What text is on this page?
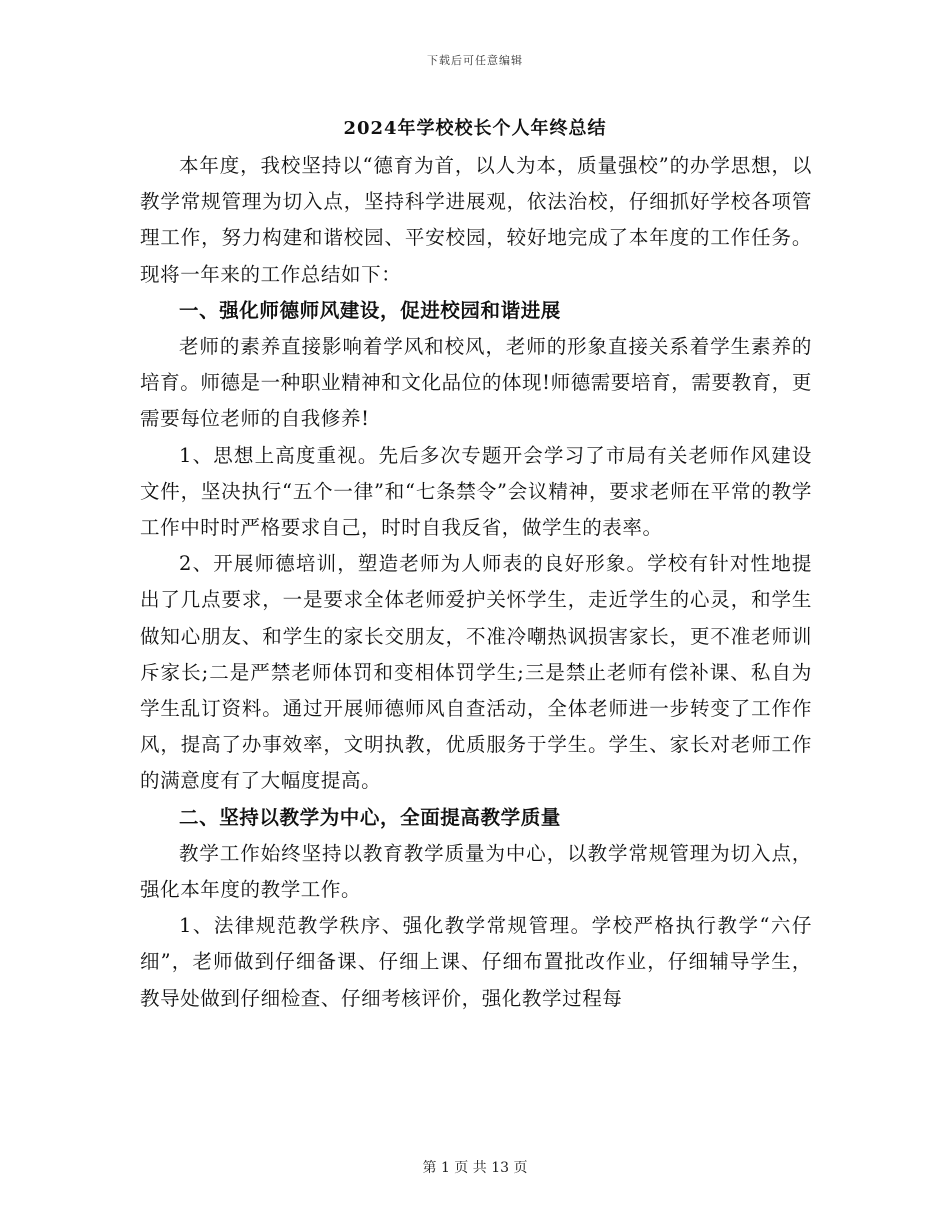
下载后可任意编辑
2024年学校校长个人年终总结

本年度，我校坚持以“德育为首，以人为本，质量强校”的办学思想，以教学常规管理为切入点，坚持科学进展观，依法治校，仔细抓好学校各项管理工作，努力构建和谐校园、平安校园，较好地完成了本年度的工作任务。现将一年来的工作总结如下：

一、强化师德师风建设，促进校园和谐进展

老师的素养直接影响着学风和校风，老师的形象直接关系着学生素养的培育。师德是一种职业精神和文化品位的体现!师德需要培育，需要教育，更需要每位老师的自我修养!

1、思想上高度重视。先后多次专题开会学习了市局有关老师作风建设文件，坚决执行“五个一律”和“七条禁令”会议精神，要求老师在平常的教学工作中时时严格要求自己，时时自我反省，做学生的表率。

2、开展师德培训，塑造老师为人师表的良好形象。学校有针对性地提出了几点要求，一是要求全体老师爱护关怀学生，走近学生的心灵，和学生做知心朋友、和学生的家长交朋友，不准冷嘲热讽损害家长，更不准老师训斥家长;二是严禁老师体罚和变相体罚学生;三是禁止老师有偿补课、私自为学生乱订资料。通过开展师德师风自查活动，全体老师进一步转变了工作作风，提高了办事效率，文明执教，优质服务于学生。学生、家长对老师工作的满意度有了大幅度提高。

二、坚持以教学为中心，全面提高教学质量

教学工作始终坚持以教育教学质量为中心，以教学常规管理为切入点，强化本年度的教学工作。

1、法律规范教学秩序、强化教学常规管理。学校严格执行教学“六仔细”，老师做到仔细备课、仔细上课、仔细布置批改作业，仔细辅导学生，教导处做到仔细检查、仔细考核评价，强化教学过程每

第 1 页 共 13 页
